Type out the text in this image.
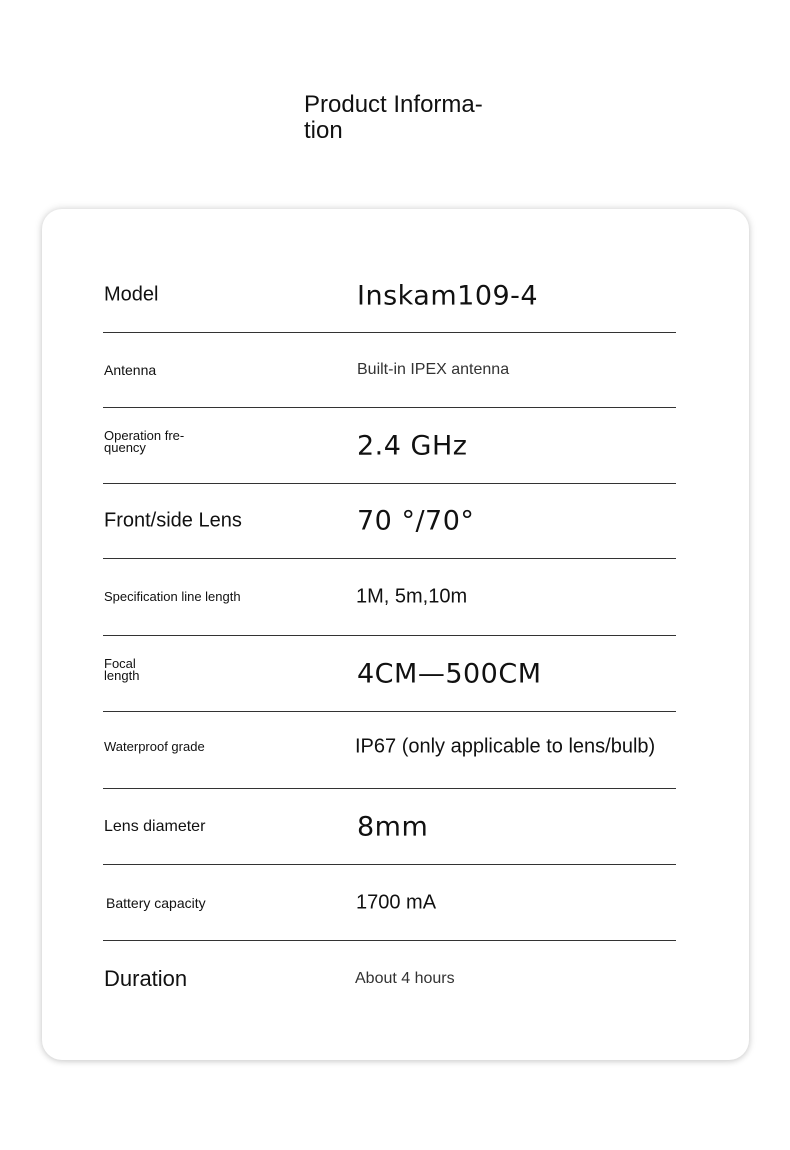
Product Informa-
tion
Model	Inskam109-4
Antenna	Built-in IPEX antenna
Operation fre-
quency	2.4 GHz
Front/side Lens	70 °/70°
Specification line length	1M, 5m,10m
Focal
length	4CM—500CM
Waterproof grade	IP67 (only applicable to lens/bulb)
Lens diameter	8mm
Battery capacity	1700 mA
Duration	About 4 hours
